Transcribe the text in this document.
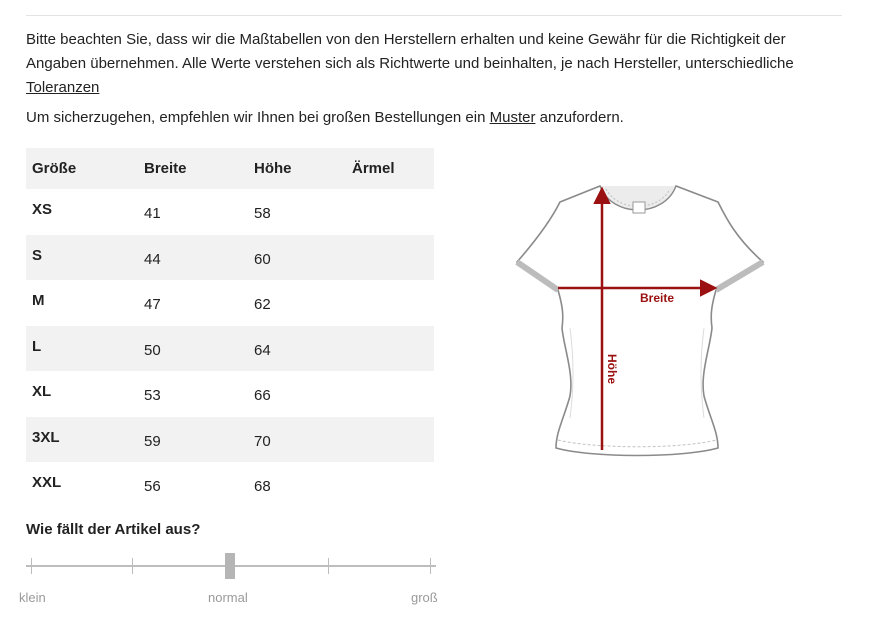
Bitte beachten Sie, dass wir die Maßtabellen von den Herstellern erhalten und keine Gewähr für die Richtigkeit der Angaben übernehmen. Alle Werte verstehen sich als Richtwerte und beinhalten, je nach Hersteller, unterschiedliche Toleranzen

Um sicherzugehen, empfehlen wir Ihnen bei großen Bestellungen ein Muster anzufordern.

Größe	Breite	Höhe	Ärmel
XS	41	58	
S	44	60	
M	47	62	
L	50	64	
XL	53	66	
3XL	59	70	
XXL	56	68	
Breite
Höhe
Wie fällt der Artikel aus?
klein	normal	groß
